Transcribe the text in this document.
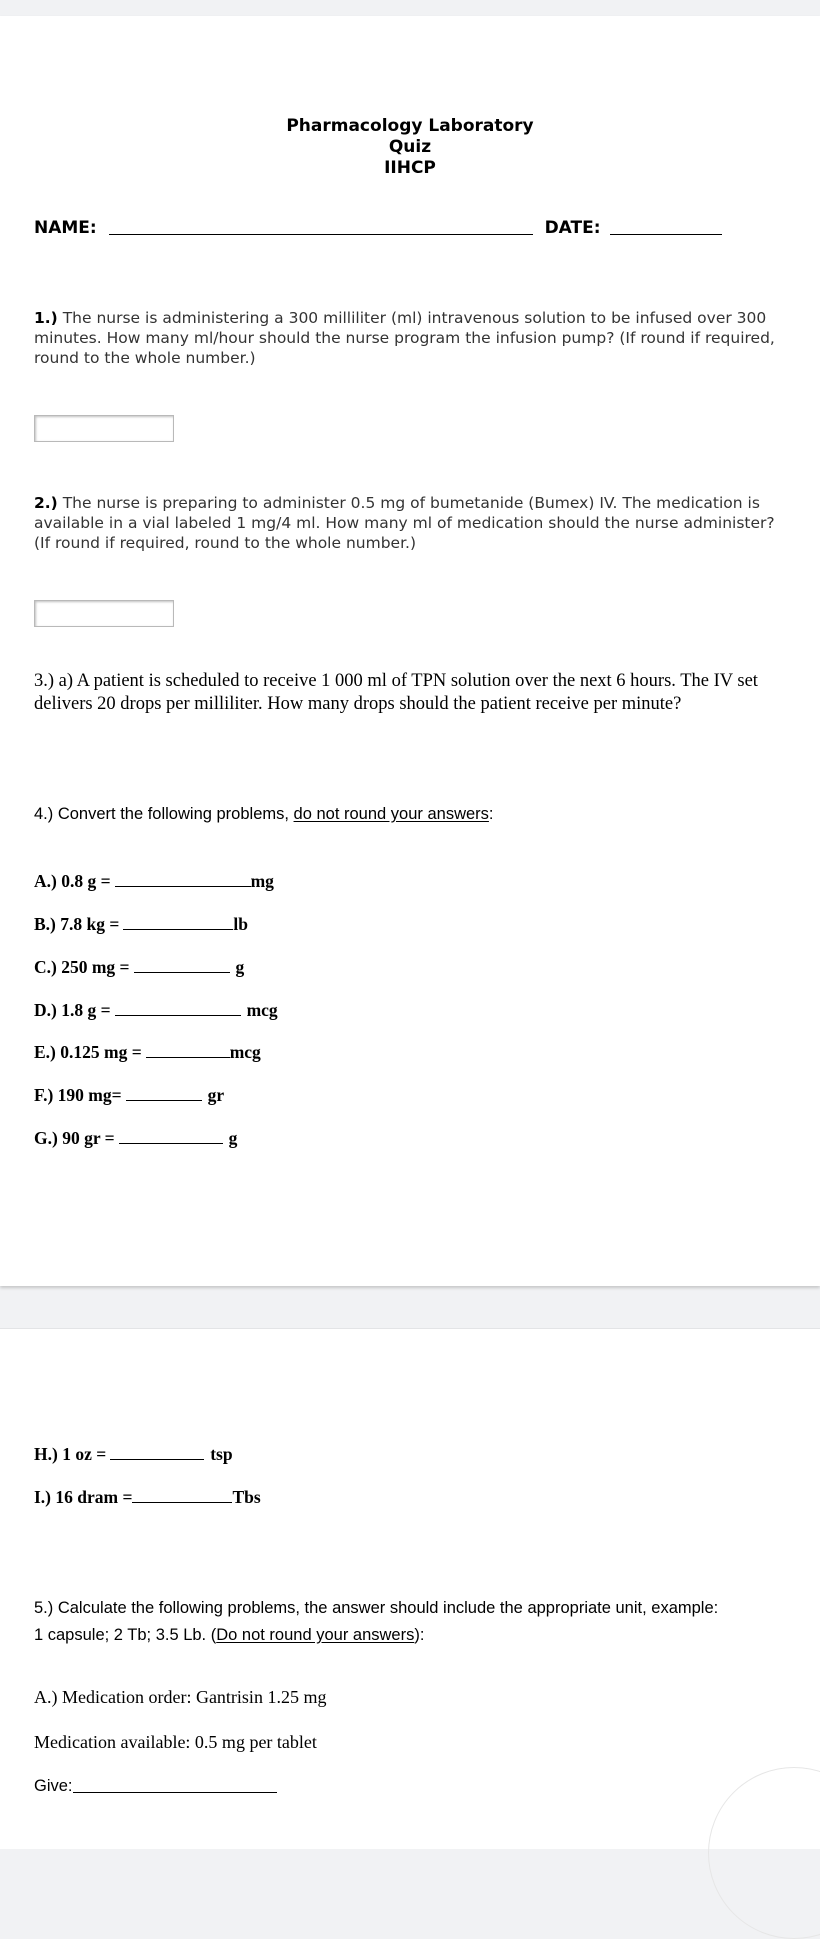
Pharmacology Laboratory
Quiz
IIHCP
NAME:	DATE:
1.) The nurse is administering a 300 milliliter (ml) intravenous solution to be infused over 300 minutes. How many ml/hour should the nurse program the infusion pump? (If round if required, round to the whole number.)
2.) The nurse is preparing to administer 0.5 mg of bumetanide (Bumex) IV. The medication is available in a vial labeled 1 mg/4 ml. How many ml of medication should the nurse administer? (If round if required, round to the whole number.)
3.) a) A patient is scheduled to receive 1 000 ml of TPN solution over the next 6 hours. The IV set delivers 20 drops per milliliter. How many drops should the patient receive per minute?
4.) Convert the following problems, do not round your answers:
A.) 0.8 g =	mg
B.) 7.8 kg =	lb
C.) 250 mg =	g
D.) 1.8 g =	mcg
E.) 0.125 mg =	mcg
F.) 190 mg=	gr
G.) 90 gr =	g
H.) 1 oz =	tsp
I.) 16 dram =	Tbs
5.) Calculate the following problems, the answer should include the appropriate unit, example:
1 capsule; 2 Tb; 3.5 Lb. (Do not round your answers):
A.) Medication order: Gantrisin 1.25 mg
Medication available: 0.5 mg per tablet
Give:
